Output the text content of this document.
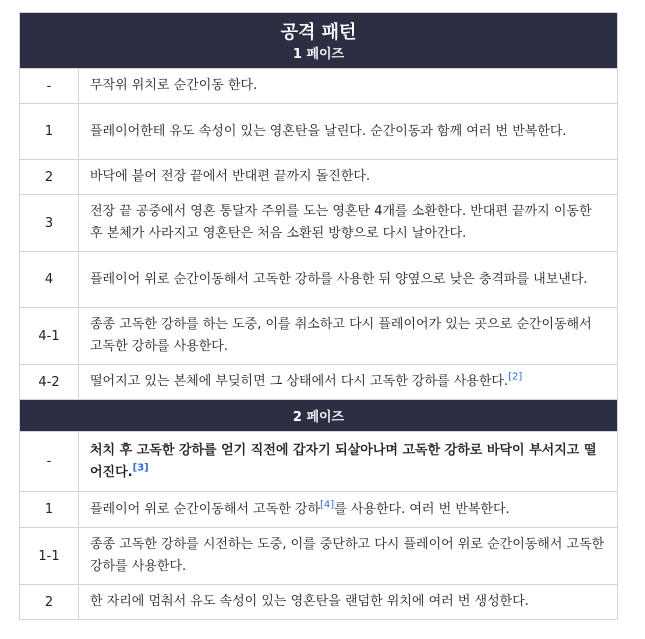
공격 패턴
1 페이즈	

-	무작위 위치로 순간이동 한다.
1	플레이어한테 유도 속성이 있는 영혼탄을 날린다. 순간이동과 함께 여러 번 반복한다.
2	바닥에 붙어 전장 끝에서 반대편 끝까지 돌진한다.
3	전장 끝 공중에서 영혼 통달자 주위를 도는 영혼탄 4개를 소환한다. 반대편 끝까지 이동한 후 본체가 사라지고 영혼탄은 처음 소환된 방향으로 다시 날아간다.
4	플레이어 위로 순간이동해서 고독한 강하를 사용한 뒤 양옆으로 낮은 충격파를 내보낸다.
4-1	종종 고독한 강하를 하는 도중, 이를 취소하고 다시 플레이어가 있는 곳으로 순간이동해서 고독한 강하를 사용한다.
4-2	떨어지고 있는 본체에 부딪히면 그 상태에서 다시 고독한 강하를 사용한다.[2]
2 페이즈	
-	처치 후 고독한 강하를 얻기 직전에 갑자기 되살아나며 고독한 강하로 바닥이 부서지고 떨어진다.[3]
1	플레이어 위로 순간이동해서 고독한 강하[4]를 사용한다. 여러 번 반복한다.
1-1	종종 고독한 강하를 시전하는 도중, 이를 중단하고 다시 플레이어 위로 순간이동해서 고독한 강하를 사용한다.
2	한 자리에 멈춰서 유도 속성이 있는 영혼탄을 랜덤한 위치에 여러 번 생성한다.
